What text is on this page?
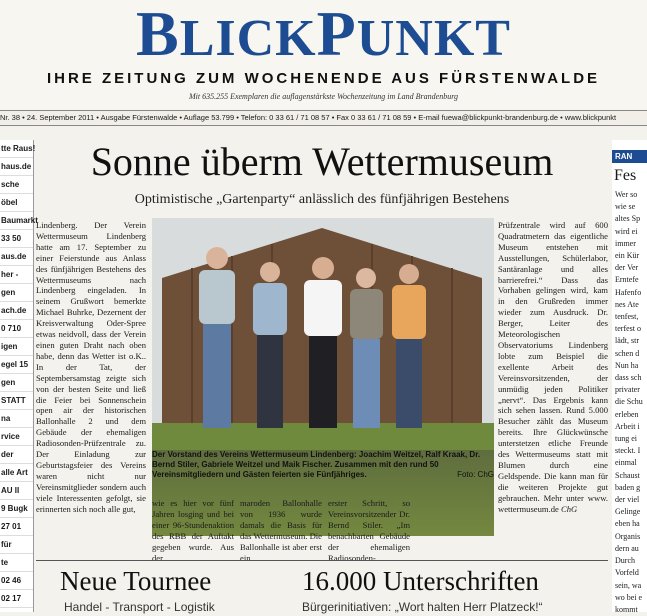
BLICKPUNKT
IHRE ZEITUNG ZUM WOCHENENDE AUS FÜRSTENWALDE
Mit 635.255 Exemplaren die auflagenstärkste Wochenzeitung im Land Brandenburg
Nr. 38 • 24. September 2011 • Ausgabe Fürstenwalde • Auflage 53.799 • Telefon: 0 33 61 / 71 08 57 • Fax 0 33 61 / 71 08 59 • E-mail fuewa@blickpunkt-brandenburg.de • www.blickpunkt
tte Raus!
haus.de
sche
öbel
Baumarkt
33 50
aus.de
her -
gen
ach.de
0 710
igen
egel 15
gen
STATT
na
rvice
der
alle Art
AU II
9 Bugk
27 01
für
te
02 46
02 17
Sonne überm Wettermuseum
Optimistische „Gartenparty“ anlässlich des fünfjährigen Bestehens
Lindenberg. Der Verein Wettermuseum Lindenberg hatte am 17. September zu einer Feierstunde aus Anlass des fünfjährigen Bestehens des Wettermuseums nach Lindenberg eingeladen. In seinem Grußwort bemerkte Michael Buhrke, Dezernent der Kreisverwaltung Oder-Spree etwas neidvoll, dass der Verein einen guten Draht nach oben habe, denn das Wetter ist o.K.. In der Tat, der Septembersamstag zeigte sich von der besten Seite und ließ die Feier bei Sonnenschein open air der historischen Ballonhalle 2 und dem Gebäude der ehemaligen Radiosonden-Prüfzentrale zu. Der Einladung zur Geburtstagsfeier des Vereins waren nicht nur Vereinsmitglieder sondern auch viele Interessenten gefolgt, sie erinnerten sich noch alle gut,
Der Vorstand des Vereins Wettermuseum Lindenberg: Joachim Weitzel, Ralf Kraak, Dr. Bernd Stiler, Gabriele Weitzel und Maik Fischer. Zusammen mit den rund 50 Vereinsmitgliedern und Gästen feierten sie Fünfjähriges.	Foto: ChG
wie es hier vor fünf Jahren losging und bei einer 96-Stundenaktion des RBB der Auftakt gegeben wurde. Aus der
maroden Ballonhalle von 1936 wurde damals die Basis für das Wettermuseum. Die Ballonhalle ist aber erst ein
erster Schritt, so Vereinsvorsitzender Dr. Bernd Stiler. „Im benachbarten Gebäude der ehemaligen Radiosonden-
Prüfzentrale wird auf 600 Quadratmetern das eigentliche Museum entstehen mit Ausstellungen, Schülerlabor, Santäranlage und alles barrierefrei.“ Dass das Vorhaben gelingen wird, kam in den Grußreden immer wieder zum Ausdruck. Dr. Berger, Leiter des Meteorologischen Observatoriums Lindenberg lobte zum Beispiel die exellente Arbeit des Vereinsvorsitzenden, der unmüdig jeden Politiker „nervt“. Das Ergebnis kann sich sehen lassen. Rund 5.000 Besucher zählt das Museum bereits. Ihre Glückwünsche unterstetzen etliche Freunde des Wettermuseums statt mit Blumen durch eine Geldspende. Die kann man für die weiteren Projekte gut gebrauchen. Mehr unter www. wettermuseum.de ChG
Neue Tournee
Handel - Transport - Logistik
16.000 Unterschriften
Bürgerinitiativen: „Wort halten Herr Platzeck!“
RAN
Fes
Wer so
wie se
altes Sp
wird ei
immer
ein Kür
der Ver
Erntefe
Hafenfo
nes Ate
tenfest,
terfest o
lädt, str
schen d
Nun ha
dass sch
privater
die Schu
erleben
Arbeit i
tung ei
steckt. I
einmal
Schaust
baden g
der viel
Gelinge
eben ha
Organis
dern au
Durch
Vorfeld
sein, wa
wo bei e
kommt
